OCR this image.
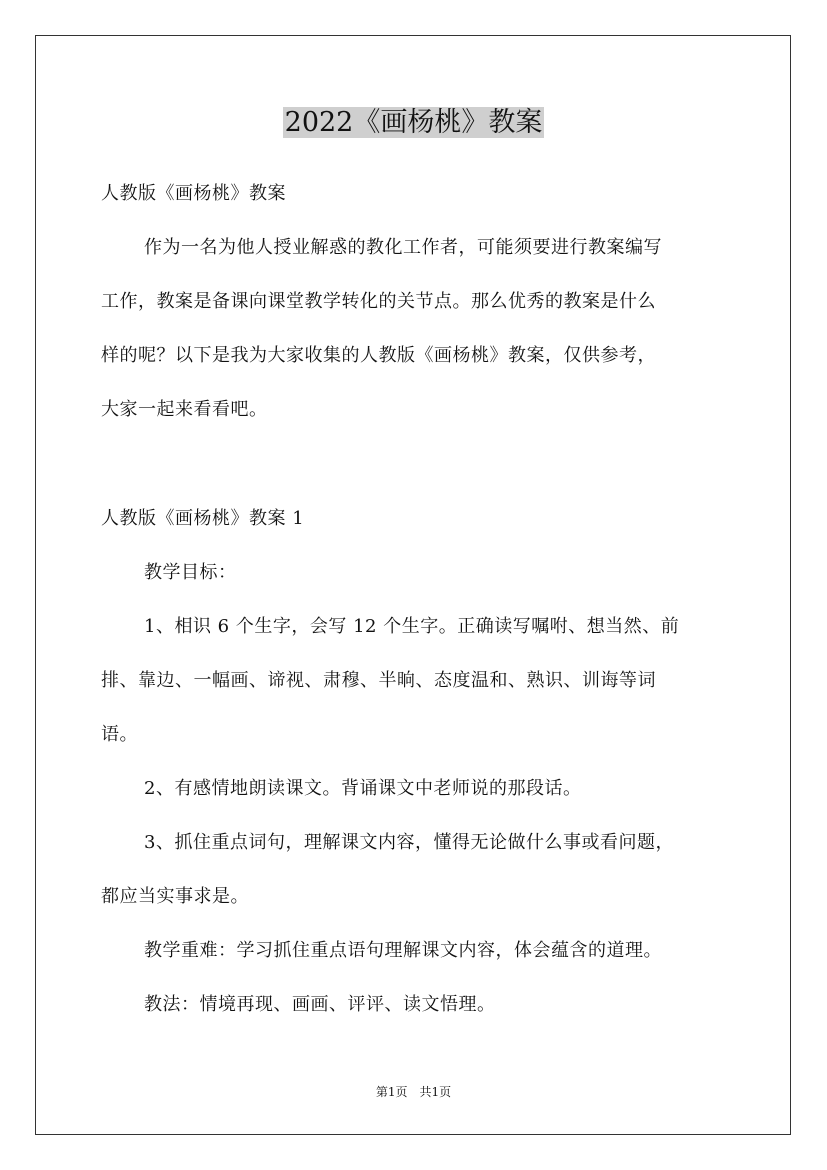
2022《画杨桃》教案
人教版《画杨桃》教案
作为一名为他人授业解惑的教化工作者，可能须要进行教案编写
工作，教案是备课向课堂教学转化的关节点。那么优秀的教案是什么
样的呢？以下是我为大家收集的人教版《画杨桃》教案，仅供参考，
大家一起来看看吧。
人教版《画杨桃》教案 1
教学目标：
1、相识 6 个生字，会写 12 个生字。正确读写嘱咐、想当然、前
排、靠边、一幅画、谛视、肃穆、半晌、态度温和、熟识、训诲等词
语。
2、有感情地朗读课文。背诵课文中老师说的那段话。
3、抓住重点词句，理解课文内容，懂得无论做什么事或看问题，
都应当实事求是。
教学重难：学习抓住重点语句理解课文内容，体会蕴含的道理。
教法：情境再现、画画、评评、读文悟理。
第1页　共1页
